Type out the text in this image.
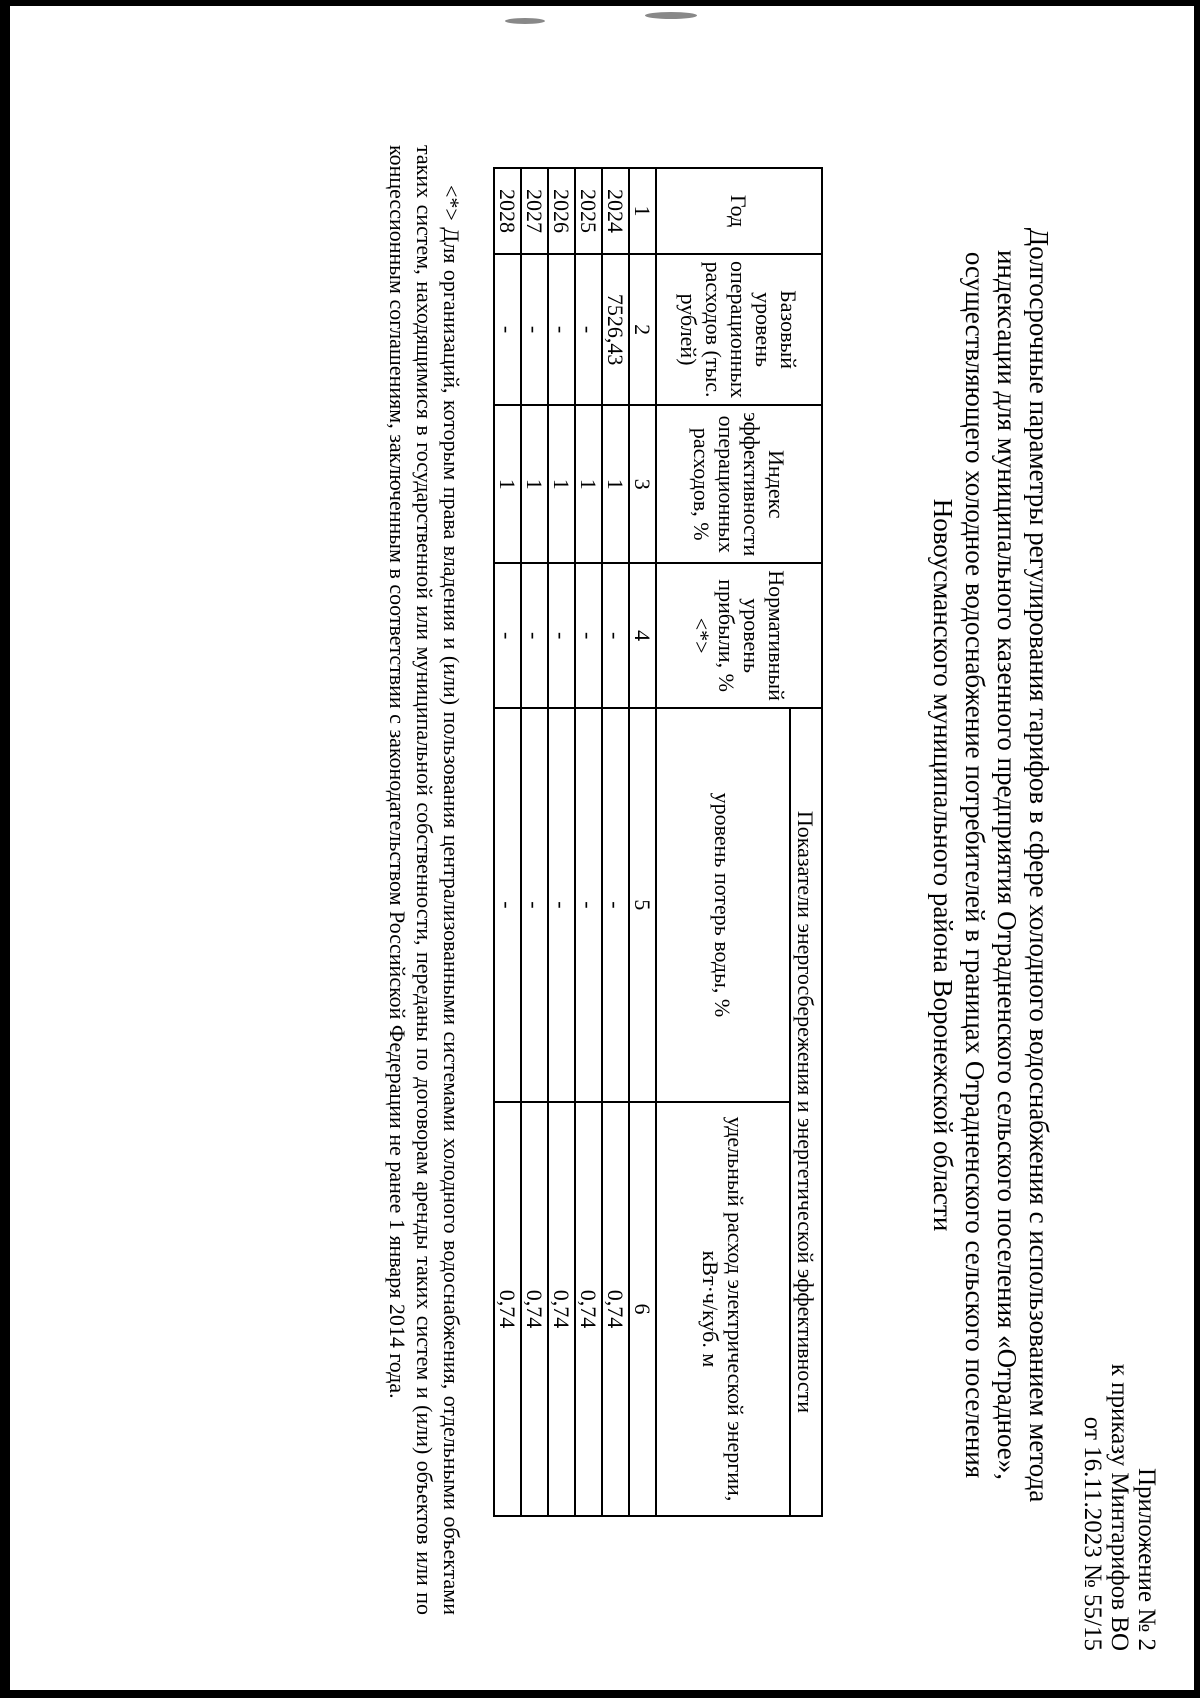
Приложение № 2
к приказу Минтарифов ВО
от 16.11.2023 № 55/15
Долгосрочные параметры регулирования тарифов в сфере холодного водоснабжения с использованием метода
индексации для муниципального казенного предприятия Отрадненского сельского поселения «Отрадное»,
осуществляющего холодное водоснабжение потребителей в границах Отрадненского сельского поселения
Новоусманского муниципального района Воронежской области
Год	Базовый уровень операционных расходов (тыс. рублей)	Индекс эффективности операционных расходов, %	Нормативный уровень прибыли, % <*>	Показатели энергосбережения и энергетической эффективности	
				уровень потерь воды, %	удельный расход электрической энергии, кВт·ч/куб. м
1	2	3	4	5	6
2024	7526,43	1	-	-	0,74
2025	-	1	-	-	0,74
2026	-	1	-	-	0,74
2027	-	1	-	-	0,74
2028	-	1	-	-	0,74
<*> Для организаций, которым права владения и (или) пользования централизованными системами холодного водоснабжения, отдельными объектами таких систем, находящимися в государственной или муниципальной собственности, переданы по договорам аренды таких систем и (или) объектов или по концессионным соглашениям, заключенным в соответствии с законодательством Российской Федерации не ранее 1 января 2014 года.
